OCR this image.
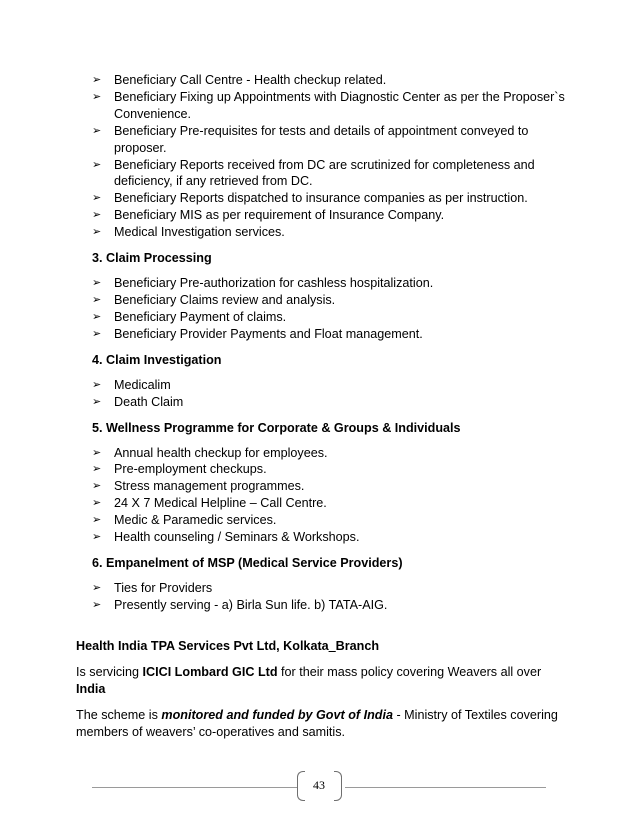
➢ Beneficiary Call Centre - Health checkup related.
➢ Beneficiary Fixing up Appointments with Diagnostic Center as per the Proposer`s Convenience.
➢ Beneficiary Pre-requisites for tests and details of appointment conveyed to proposer.
➢ Beneficiary Reports received from DC are scrutinized for completeness and deficiency, if any retrieved from DC.
➢ Beneficiary Reports dispatched to insurance companies as per instruction.
➢ Beneficiary MIS as per requirement of Insurance Company.
➢ Medical Investigation services.

3. Claim Processing

➢ Beneficiary Pre-authorization for cashless hospitalization.
➢ Beneficiary Claims review and analysis.
➢ Beneficiary Payment of claims.
➢ Beneficiary Provider Payments and Float management.

4. Claim Investigation

➢ Medicalim
➢ Death Claim

5. Wellness Programme for Corporate & Groups & Individuals

➢ Annual health checkup for employees.
➢ Pre-employment checkups.
➢ Stress management programmes.
➢ 24 X 7 Medical Helpline – Call Centre.
➢ Medic & Paramedic services.
➢ Health counseling / Seminars & Workshops.

6. Empanelment of MSP (Medical Service Providers)

➢ Ties for Providers
➢ Presently serving - a) Birla Sun life. b) TATA-AIG.

Health India TPA Services Pvt Ltd, Kolkata_Branch

Is servicing ICICI Lombard GIC Ltd for their mass policy covering Weavers all over India

The scheme is monitored and funded by Govt of India - Ministry of Textiles covering members of weavers’ co-operatives and samitis.

43
